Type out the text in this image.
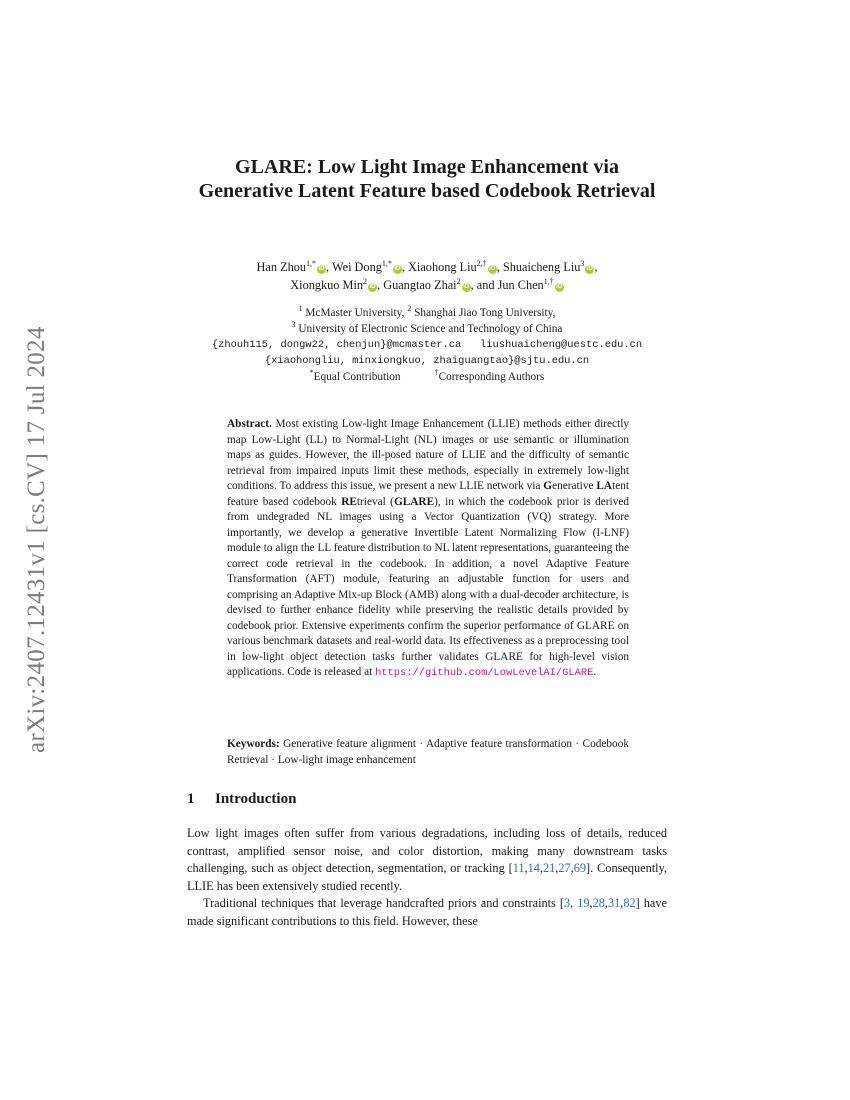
arXiv:2407.12431v1 [cs.CV] 17 Jul 2024
GLARE: Low Light Image Enhancement via Generative Latent Feature based Codebook Retrieval
Han Zhou$^{1,*}$iD , Wei Dong$^{1,*}$iD , Xiaohong Liu$^{2,\dagger}$iD , Shuaicheng Liu$^3$iD ,
Xiongkuo Min$^2$iD , Guangtao Zhai$^2$iD , and Jun Chen$^{1,\dagger}$iD
$^1$ McMaster University, $^2$ Shanghai Jiao Tong University,
$^3$ University of Electronic Science and Technology of China
{zhouh115, dongw22, chenjun}@mcmaster.ca   liushuaicheng@uestc.edu.cn
{xiaohongliu, minxiongkuo, zhaiguangtao}@sjtu.edu.cn
*Equal Contribution	†Corresponding Authors

Abstract. Most existing Low-light Image Enhancement (LLIE) methods either directly map Low-Light (LL) to Normal-Light (NL) images or use semantic or illumination maps as guides. However, the ill-posed nature of LLIE and the difficulty of semantic retrieval from impaired inputs limit these methods, especially in extremely low-light conditions. To address this issue, we present a new LLIE network via Generative LAtent feature based codebook REtrieval (GLARE), in which the codebook prior is derived from undegraded NL images using a Vector Quantization (VQ) strategy. More importantly, we develop a generative Invertible Latent Normalizing Flow (I-LNF) module to align the LL feature distribution to NL latent representations, guaranteeing the correct code retrieval in the codebook. In addition, a novel Adaptive Feature Transformation (AFT) module, featuring an adjustable function for users and comprising an Adaptive Mix-up Block (AMB) along with a dual-decoder architecture, is devised to further enhance fidelity while preserving the realistic details provided by codebook prior. Extensive experiments confirm the superior performance of GLARE on various benchmark datasets and real-world data. Its effectiveness as a preprocessing tool in low-light object detection tasks further validates GLARE for high-level vision applications. Code is released at https://github.com/LowLevelAI/GLARE.

Keywords: Generative feature alignment · Adaptive feature transformation · Codebook Retrieval · Low-light image enhancement
1 Introduction

Low light images often suffer from various degradations, including loss of details, reduced contrast, amplified sensor noise, and color distortion, making many downstream tasks challenging, such as object detection, segmentation, or tracking [11,14,21,27,69]. Consequently, LLIE has been extensively studied recently.

Traditional techniques that leverage handcrafted priors and constraints [3, 19,28,31,82] have made significant contributions to this field. However, these
